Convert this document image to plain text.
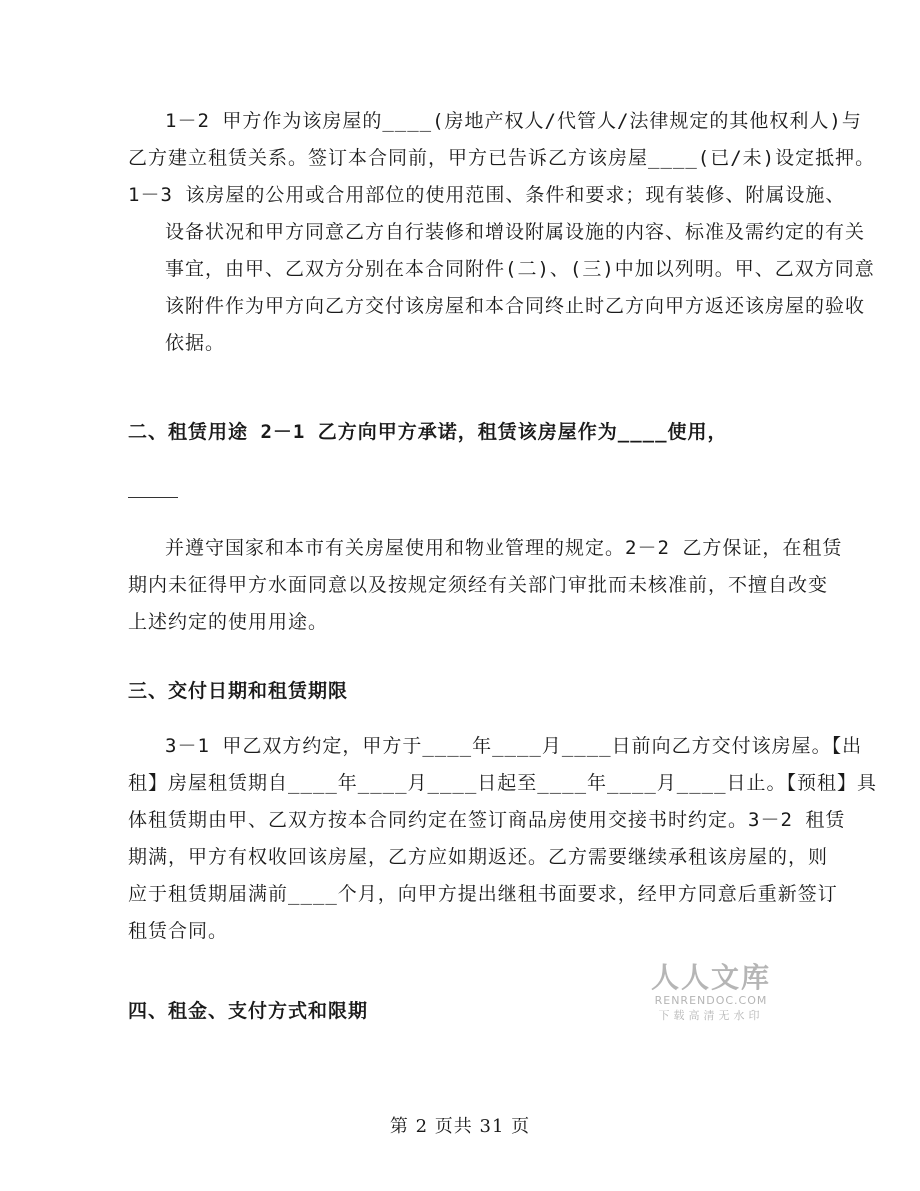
1－2 甲方作为该房屋的____(房地产权人/代管人/法律规定的其他权利人)与
乙方建立租赁关系。签订本合同前，甲方已告诉乙方该房屋____(已/未)设定抵押。
1－3 该房屋的公用或合用部位的使用范围、条件和要求；现有装修、附属设施、
设备状况和甲方同意乙方自行装修和增设附属设施的内容、标准及需约定的有关
事宜，由甲、乙双方分别在本合同附件(二)、(三)中加以列明。甲、乙双方同意
该附件作为甲方向乙方交付该房屋和本合同终止时乙方向甲方返还该房屋的验收
依据。
二、租赁用途 2－1 乙方向甲方承诺，租赁该房屋作为____使用，
并遵守国家和本市有关房屋使用和物业管理的规定。2－2 乙方保证，在租赁
期内未征得甲方水面同意以及按规定须经有关部门审批而未核准前，不擅自改变
上述约定的使用用途。
三、交付日期和租赁期限
3－1 甲乙双方约定，甲方于____年____月____日前向乙方交付该房屋。【出
租】房屋租赁期自____年____月____日起至____年____月____日止。【预租】具
体租赁期由甲、乙双方按本合同约定在签订商品房使用交接书时约定。3－2 租赁
期满，甲方有权收回该房屋，乙方应如期返还。乙方需要继续承租该房屋的，则
应于租赁期届满前____个月，向甲方提出继租书面要求，经甲方同意后重新签订
租赁合同。
四、租金、支付方式和限期
人人文库
RENRENDOC.COM
下载高清无水印
第 2 页共 31 页
